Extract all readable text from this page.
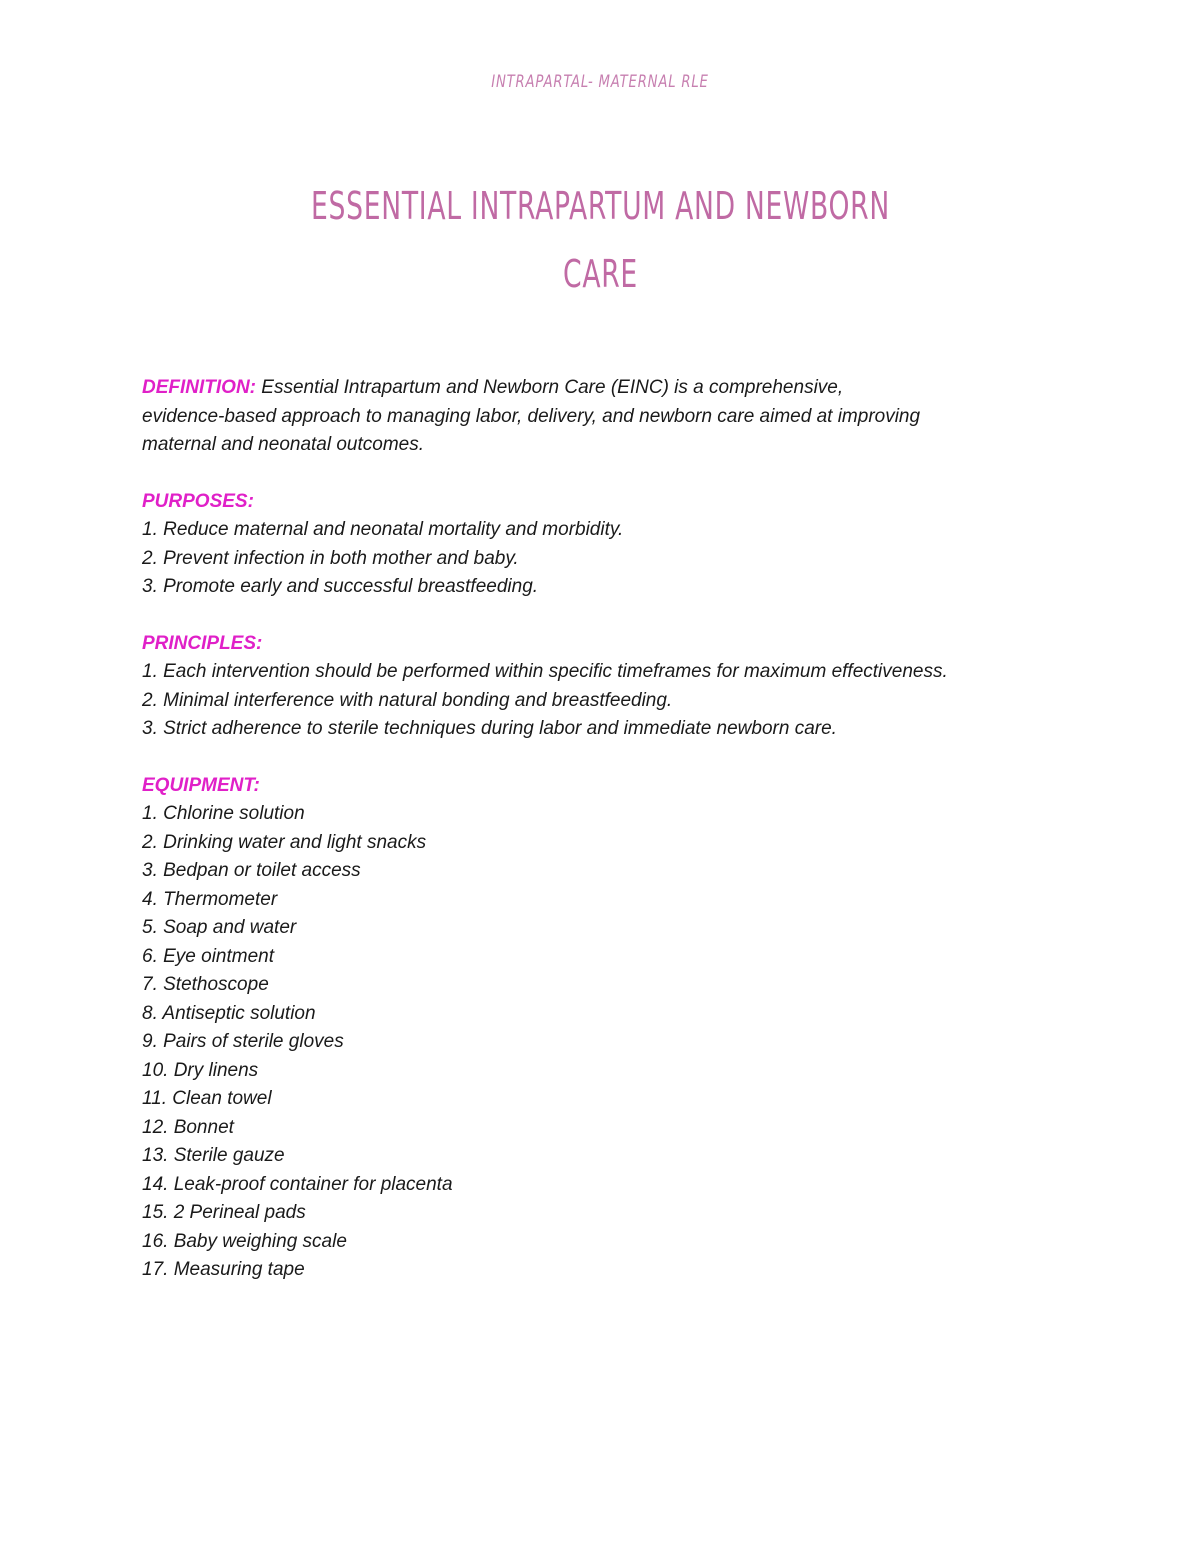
INTRAPARTAL- MATERNAL RLE
ESSENTIAL INTRAPARTUM AND NEWBORN
CARE
DEFINITION: Essential Intrapartum and Newborn Care (EINC) is a comprehensive,
evidence-based approach to managing labor, delivery, and newborn care aimed at improving
maternal and neonatal outcomes.
PURPOSES:
1. Reduce maternal and neonatal mortality and morbidity.
2. Prevent infection in both mother and baby.
3. Promote early and successful breastfeeding.
PRINCIPLES:
1. Each intervention should be performed within specific timeframes for maximum effectiveness.
2. Minimal interference with natural bonding and breastfeeding.
3. Strict adherence to sterile techniques during labor and immediate newborn care.
EQUIPMENT:
1. Chlorine solution
2. Drinking water and light snacks
3. Bedpan or toilet access
4. Thermometer
5. Soap and water
6. Eye ointment
7. Stethoscope
8. Antiseptic solution
9. Pairs of sterile gloves
10. Dry linens
11. Clean towel
12. Bonnet
13. Sterile gauze
14. Leak-proof container for placenta
15. 2 Perineal pads
16. Baby weighing scale
17. Measuring tape
